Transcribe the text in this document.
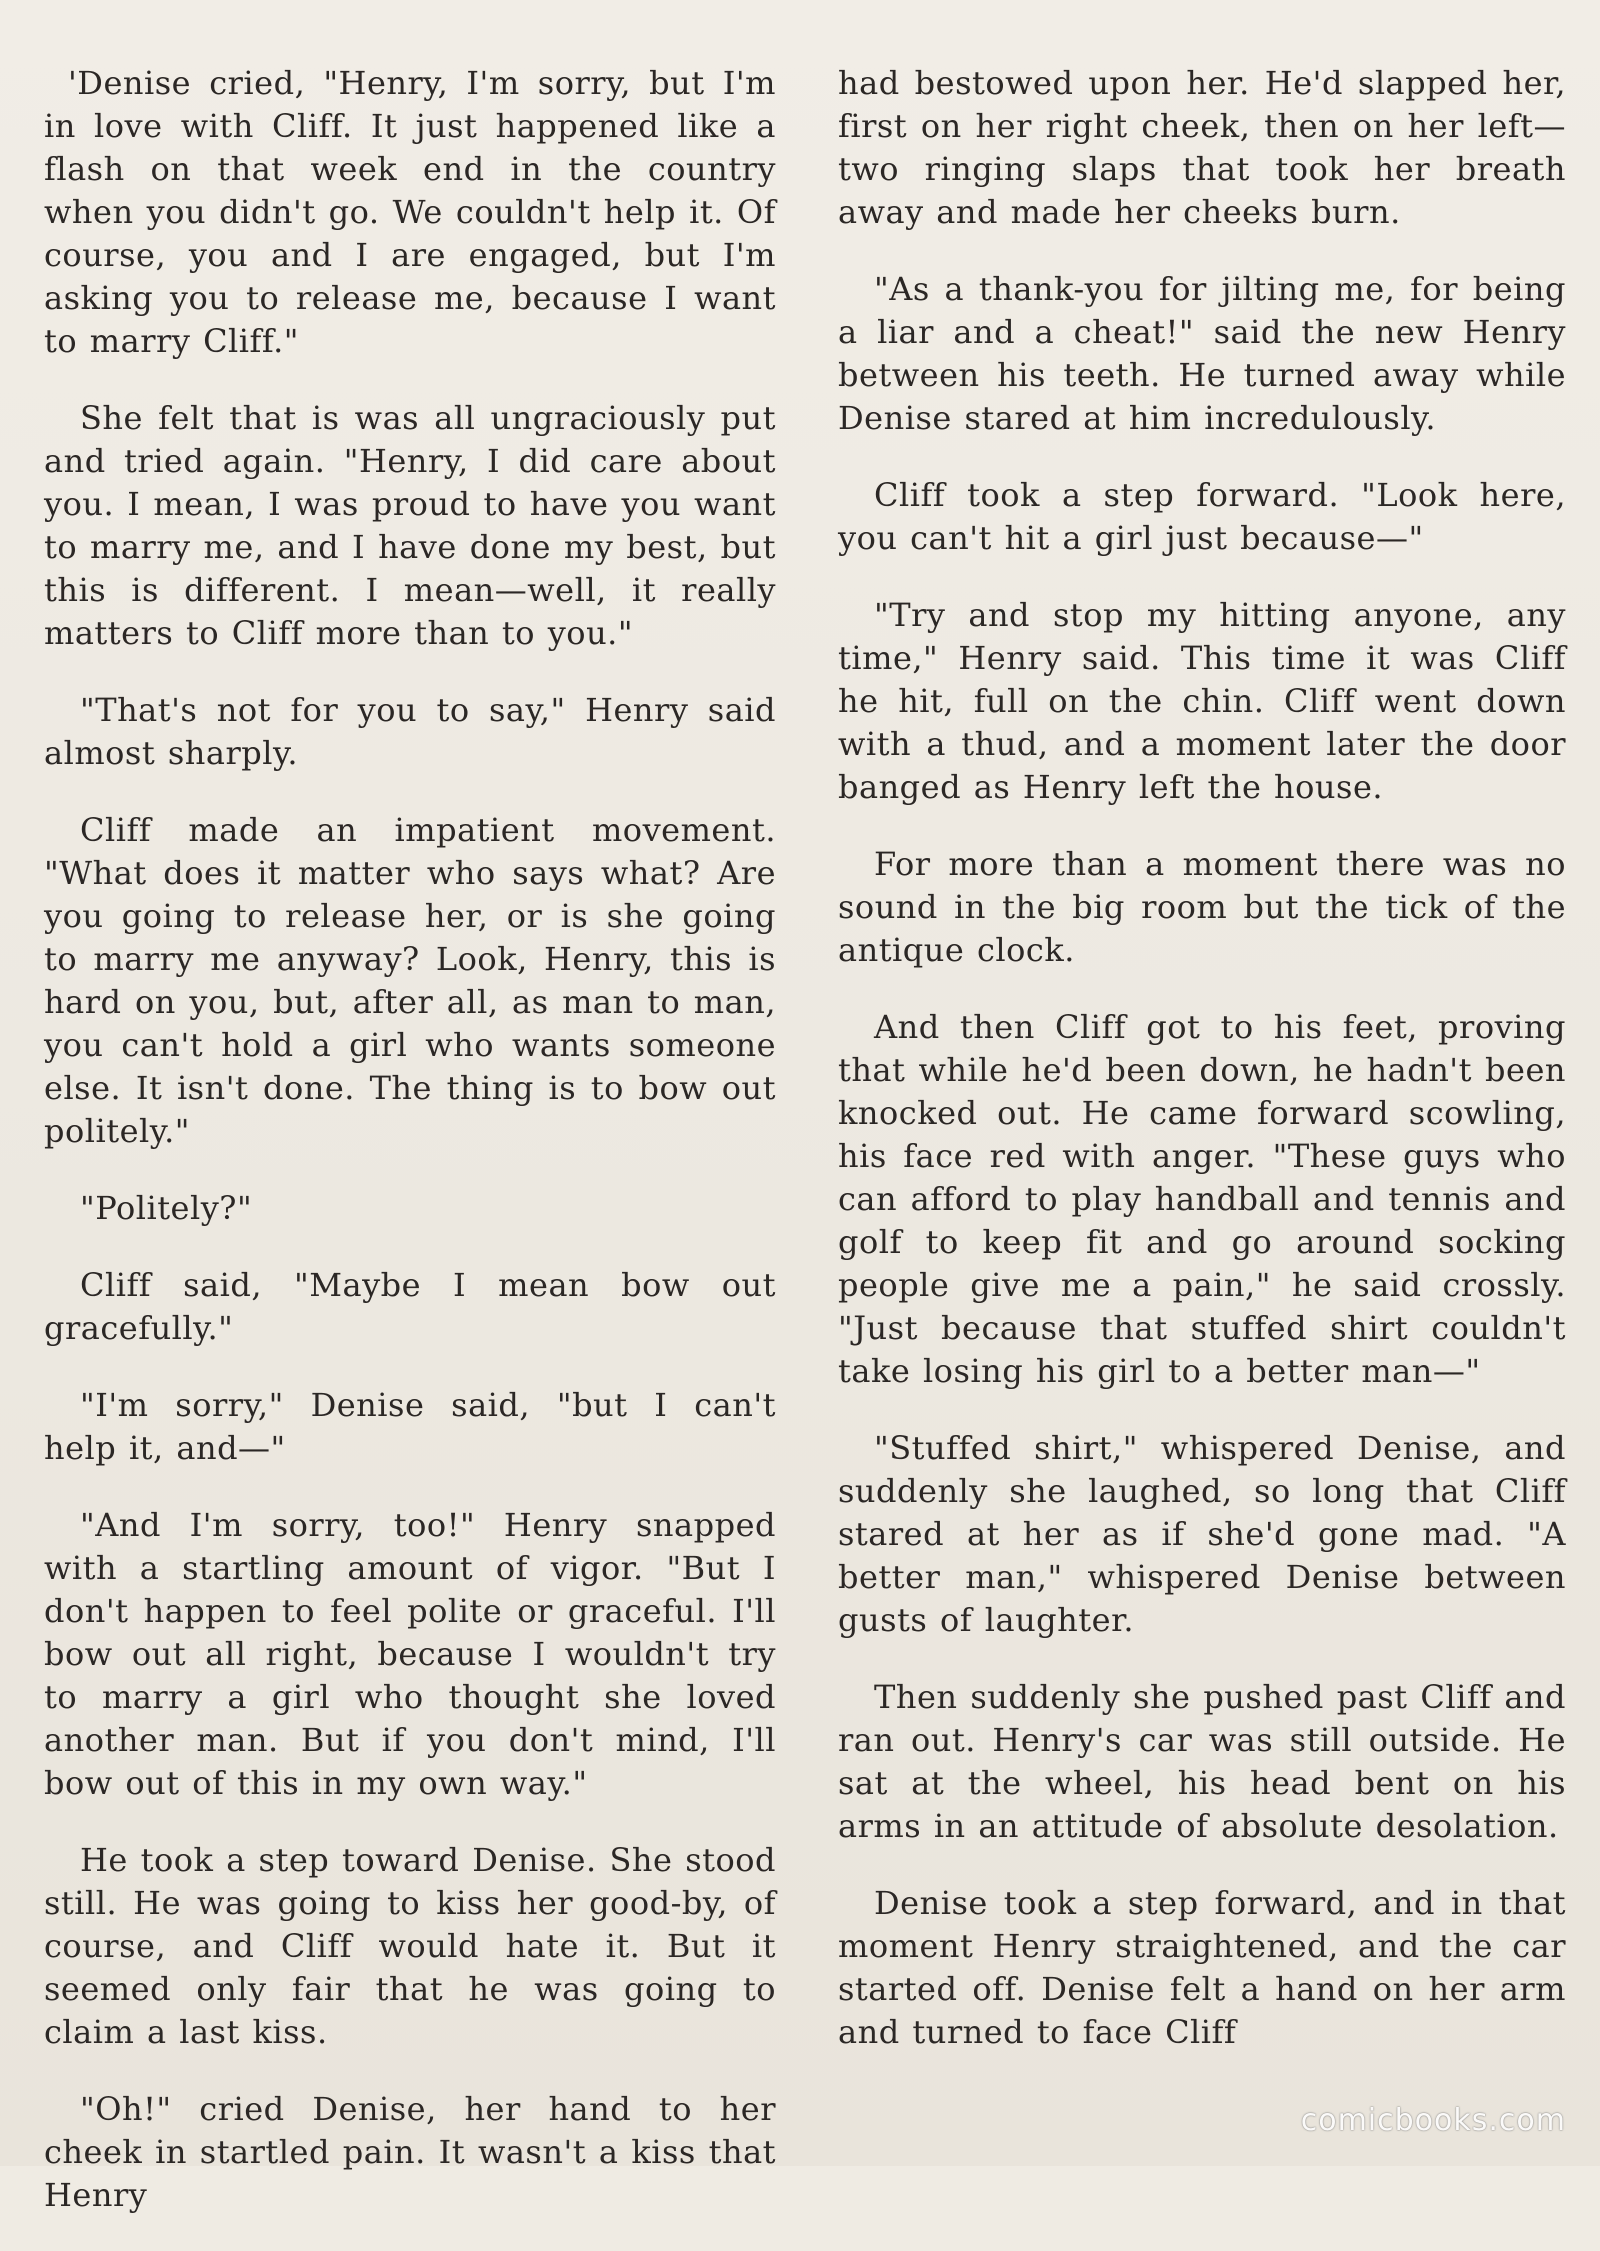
'Denise cried, "Henry, I'm sorry, but I'm in love with Cliff. It just happened like a flash on that week end in the country when you didn't go. We couldn't help it. Of course, you and I are engaged, but I'm asking you to release me, because I want to marry Cliff."

She felt that is was all ungraciously put and tried again. "Henry, I did care about you. I mean, I was proud to have you want to marry me, and I have done my best, but this is different. I mean—well, it really matters to Cliff more than to you."

"That's not for you to say," Henry said almost sharply.

Cliff made an impatient movement. "What does it matter who says what? Are you going to release her, or is she going to marry me anyway? Look, Henry, this is hard on you, but, after all, as man to man, you can't hold a girl who wants someone else. It isn't done. The thing is to bow out politely."

"Politely?"

Cliff said, "Maybe I mean bow out gracefully."

"I'm sorry," Denise said, "but I can't help it, and—"

"And I'm sorry, too!" Henry snapped with a startling amount of vigor. "But I don't happen to feel polite or graceful. I'll bow out all right, because I wouldn't try to marry a girl who thought she loved another man. But if you don't mind, I'll bow out of this in my own way."

He took a step toward Denise. She stood still. He was going to kiss her good-by, of course, and Cliff would hate it. But it seemed only fair that he was going to claim a last kiss.

"Oh!" cried Denise, her hand to her cheek in startled pain. It wasn't a kiss that Henry

had bestowed upon her. He'd slapped her, first on her right cheek, then on her left—two ringing slaps that took her breath away and made her cheeks burn.

"As a thank-you for jilting me, for being a liar and a cheat!" said the new Henry between his teeth. He turned away while Denise stared at him incredulously.

Cliff took a step forward. "Look here, you can't hit a girl just because—"

"Try and stop my hitting anyone, any time," Henry said. This time it was Cliff he hit, full on the chin. Cliff went down with a thud, and a moment later the door banged as Henry left the house.

For more than a moment there was no sound in the big room but the tick of the antique clock.

And then Cliff got to his feet, proving that while he'd been down, he hadn't been knocked out. He came forward scowling, his face red with anger. "These guys who can afford to play handball and tennis and golf to keep fit and go around socking people give me a pain," he said crossly. "Just because that stuffed shirt couldn't take losing his girl to a better man—"

"Stuffed shirt," whispered Denise, and suddenly she laughed, so long that Cliff stared at her as if she'd gone mad. "A better man," whispered Denise between gusts of laughter.

Then suddenly she pushed past Cliff and ran out. Henry's car was still outside. He sat at the wheel, his head bent on his arms in an attitude of absolute desolation.

Denise took a step forward, and in that moment Henry straightened, and the car started off. Denise felt a hand on her arm and turned to face Cliff

comicbooks.com
